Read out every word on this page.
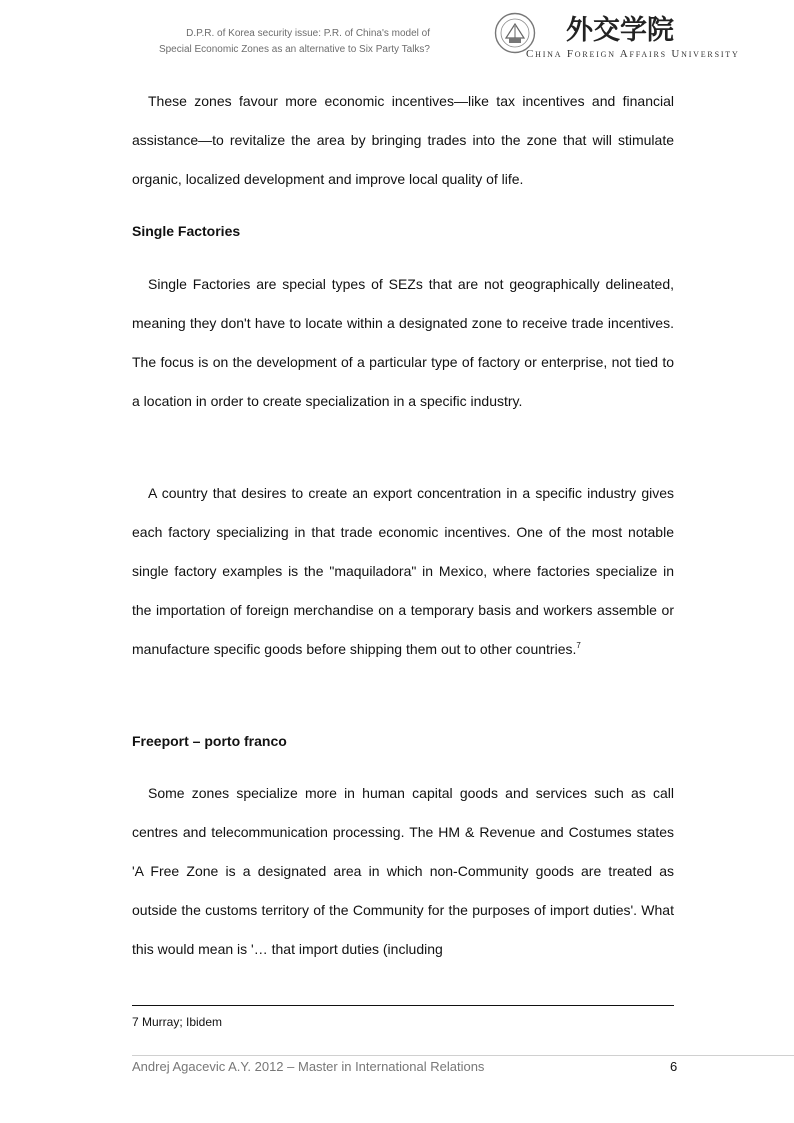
D.P.R. of Korea security issue: P.R. of China's model of
Special Economic Zones as an alternative to Six Party Talks?
外交学院
China Foreign Affairs University

These zones favour more economic incentives—like tax incentives and financial assistance—to revitalize the area by bringing trades into the zone that will stimulate organic, localized development and improve local quality of life.

Single Factories

Single Factories are special types of SEZs that are not geographically delineated, meaning they don't have to locate within a designated zone to receive trade incentives. The focus is on the development of a particular type of factory or enterprise, not tied to a location in order to create specialization in a specific industry.

A country that desires to create an export concentration in a specific industry gives each factory specializing in that trade economic incentives. One of the most notable single factory examples is the "maquiladora" in Mexico, where factories specialize in the importation of foreign merchandise on a temporary basis and workers assemble or manufacture specific goods before shipping them out to other countries.$^7$

Freeport – porto franco

Some zones specialize more in human capital goods and services such as call centres and telecommunication processing. The HM & Revenue and Costumes states 'A Free Zone is a designated area in which non-Community goods are treated as outside the customs territory of the Community for the purposes of import duties'. What this would mean is '… that import duties (including

7 Murray; Ibidem
Andrej Agacevic A.Y. 2012 – Master in International Relations	6
